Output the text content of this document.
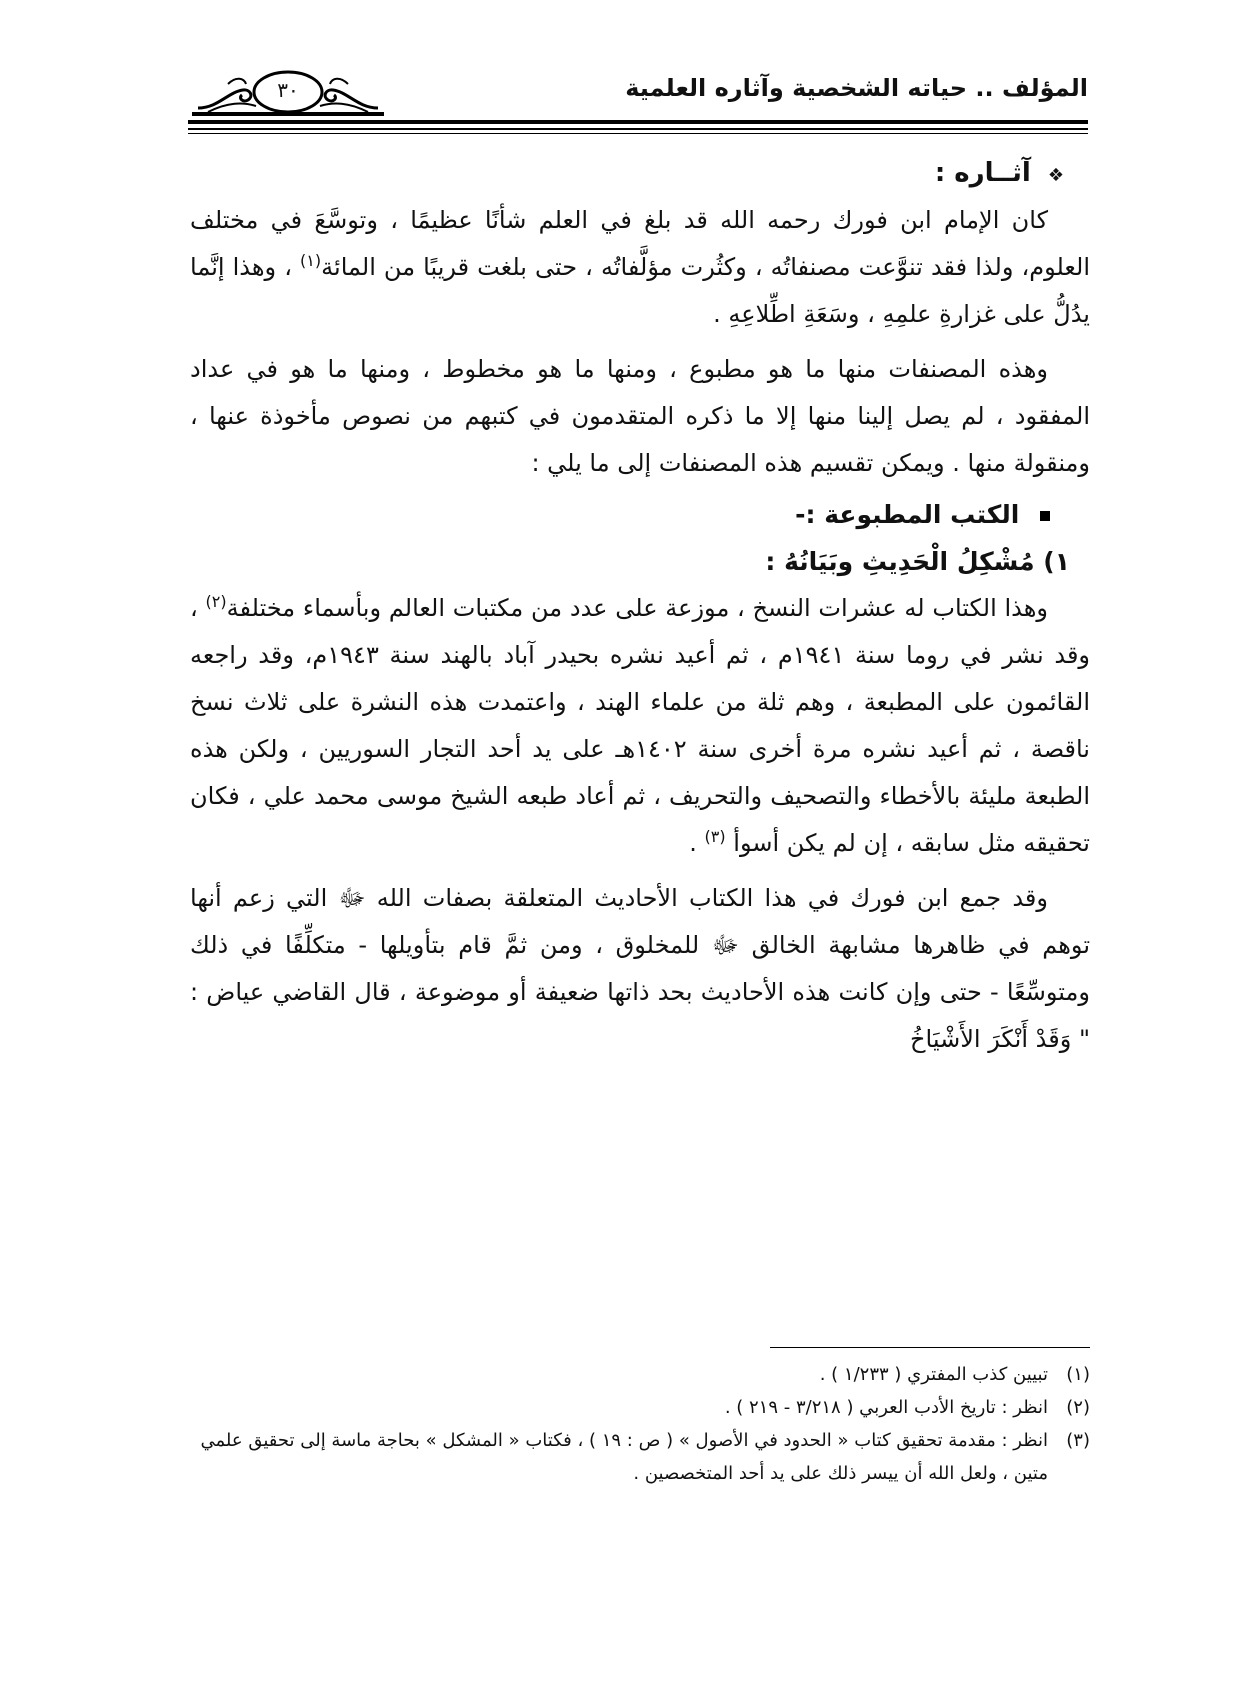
المؤلف .. حياته الشخصية وآثاره العلمية
٣٠
❖ آثــاره :

كان الإمام ابن فورك رحمه الله قد بلغ في العلم شأنًا عظيمًا ، وتوسَّعَ في مختلف العلوم، ولذا فقد تنوَّعت مصنفاتُه ، وكثُرت مؤلَّفاتُه ، حتى بلغت قريبًا من المائة$^{(١)}$ ، وهذا إنَّما يدُلُّ على غزارةِ علمِهِ ، وسَعَةِ اطِّلاعِهِ .

وهذه المصنفات منها ما هو مطبوع ، ومنها ما هو مخطوط ، ومنها ما هو في عداد المفقود ، لم يصل إلينا منها إلا ما ذكره المتقدمون في كتبهم من نصوص مأخوذة عنها ، ومنقولة منها . ويمكن تقسيم هذه المصنفات إلى ما يلي :

الكتب المطبوعة :-
١) مُشْكِلُ الْحَدِيثِ وبَيَانُهُ :

وهذا الكتاب له عشرات النسخ ، موزعة على عدد من مكتبات العالم وبأسماء مختلفة$^{(٢)}$ ، وقد نشر في روما سنة ١٩٤١م ، ثم أعيد نشره بحيدر آباد بالهند سنة ١٩٤٣م، وقد راجعه القائمون على المطبعة ، وهم ثلة من علماء الهند ، واعتمدت هذه النشرة على ثلاث نسخ ناقصة ، ثم أعيد نشره مرة أخرى سنة ١٤٠٢هـ على يد أحد التجار السوريين ، ولكن هذه الطبعة مليئة بالأخطاء والتصحيف والتحريف ، ثم أعاد طبعه الشيخ موسى محمد علي ، فكان تحقيقه مثل سابقه ، إن لم يكن أسوأ $^{(٣)}$ .

وقد جمع ابن فورك في هذا الكتاب الأحاديث المتعلقة بصفات الله ﷻ التي زعم أنها توهم في ظاهرها مشابهة الخالق ﷻ للمخلوق ، ومن ثمَّ قام بتأويلها - متكلِّفًا في ذلك ومتوسِّعًا - حتى وإن كانت هذه الأحاديث بحد ذاتها ضعيفة أو موضوعة ، قال القاضي عياض : " وَقَدْ أَنْكَرَ الأَشْيَاخُ

(١)
تبيين كذب المفتري ( ١/٢٣٣ ) .

(٢)
انظر : تاريخ الأدب العربي ( ٣/٢١٨ - ٢١٩ ) .

(٣)
انظر : مقدمة تحقيق كتاب « الحدود في الأصول » ( ص : ١٩ ) ، فكتاب « المشكل » بحاجة ماسة إلى تحقيق علمي متين ، ولعل الله أن ييسر ذلك على يد أحد المتخصصين .
